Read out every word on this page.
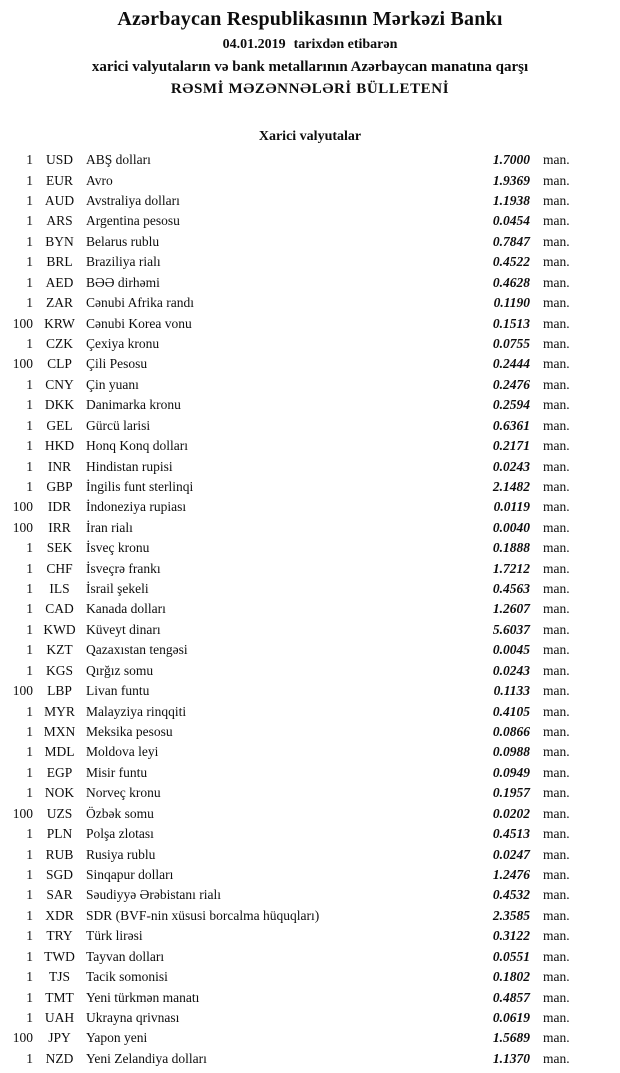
Azərbaycan Respublikasının Mərkəzi Bankı
04.01.2019 tarixdən etibarən
xarici valyutaların və bank metallarının Azərbaycan manatına qarşı
RƏSMİ MƏZƏNNƏLƏRİ BÜLLETENİ
Xarici valyutalar
1 USD ABŞ dolları	1.7000 man.
1 EUR Avro	1.9369 man.
1 AUD Avstraliya dolları	1.1938 man.
1 ARS Argentina pesosu	0.0454 man.
1 BYN Belarus rublu	0.7847 man.
1 BRL Braziliya rialı	0.4522 man.
1 AED BƏƏ dirhəmi	0.4628 man.
1 ZAR Cənubi Afrika randı	0.1190 man.
100 KRW Cənubi Korea vonu	0.1513 man.
1 CZK Çexiya kronu	0.0755 man.
100	CLP	Çili Pesosu	0.2444 man.
1 CNY Çin yuanı	0.2476 man.
1 DKK Danimarka kronu	0.2594 man.
1 GEL Gürcü larisi	0.6361 man.
1 HKD Honq Konq dolları	0.2171 man.
1	INR	Hindistan rupisi	0.0243 man.
1 GBP İngilis funt sterlinqi	2.1482 man.
100	IDR	İndoneziya rupiası	0.0119 man.
100	IRR	İran rialı	0.0040 man.
1	SEK	İsveç kronu	0.1888 man.
1 CHF İsveçrə frankı	1.7212 man.
1	ILS	İsrail şekeli	0.4563 man.
1 CAD Kanada dolları	1.2607 man.
1 KWD Küveyt dinarı	5.6037 man.
1 KZT Qazaxıstan tengəsi	0.0045 man.
1 KGS Qırğız somu	0.0243 man.
100	LBP	Livan funtu	0.1133 man.
1 MYR Malayziya rinqqiti	0.4105 man.
1 MXN Meksika pesosu	0.0866 man.
1 MDL Moldova leyi	0.0988 man.
1	EGP	Misir funtu	0.0949 man.
1 NOK Norveç kronu	0.1957 man.
100	UZS	Özbək somu	0.0202 man.
1	PLN	Polşa zlotası	0.4513 man.
1 RUB Rusiya rublu	0.0247 man.
1 SGD Sinqapur dolları	1.2476 man.
1 SAR Səudiyyə Ərəbistanı rialı	0.4532 man.
1 XDR SDR (BVF-nin xüsusi borcalma hüquqları)	2.3585 man.
1 TRY Türk lirəsi	0.3122 man.
1 TWD Tayvan dolları	0.0551 man.
1	TJS	Tacik somonisi	0.1802 man.
1 TMT Yeni türkmən manatı	0.4857 man.
1 UAH Ukrayna qrivnası	0.0619 man.
100	JPY	Yapon yeni	1.5689 man.
1 NZD Yeni Zelandiya dolları	1.1370 man.
